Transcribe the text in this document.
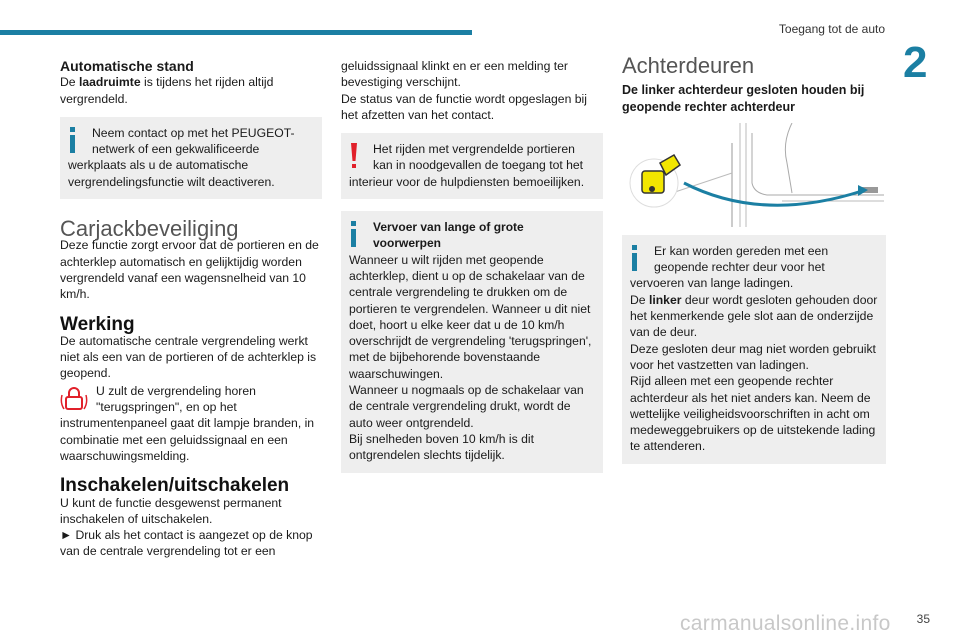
Toegang tot de auto
2

Automatische stand

De laadruimte is tijdens het rijden altijd vergrendeld.

Neem contact op met het PEUGEOT-

netwerk of een gekwalificeerde

werkplaats als u de automatische vergrendelingsfunctie wilt deactiveren.

Carjackbeveiliging

Deze functie zorgt ervoor dat de portieren en de achterklep automatisch en gelijktijdig worden vergrendeld vanaf een wagensnelheid van 10 km/h.

Werking

De automatische centrale vergrendeling werkt niet als een van de portieren of de achterklep is geopend.

U zult de vergrendeling horen

"terugspringen", en op het

instrumentenpaneel gaat dit lampje branden, in combinatie met een geluidssignaal en een waarschuwingsmelding.

Inschakelen/uitschakelen

U kunt de functie desgewenst permanent inschakelen of uitschakelen.

► Druk als het contact is aangezet op de knop van de centrale vergrendeling tot er een

geluidssignaal klinkt en er een melding ter bevestiging verschijnt.

De status van de functie wordt opgeslagen bij het afzetten van het contact.

Het rijden met vergrendelde portieren

kan in noodgevallen de toegang tot het

interieur voor de hulpdiensten bemoeilijken.

Vervoer van lange of grote

voorwerpen

Wanneer u wilt rijden met geopende achterklep, dient u op de schakelaar van de centrale vergrendeling te drukken om de portieren te vergrendelen. Wanneer u dit niet doet, hoort u elke keer dat u de 10 km/h overschrijdt de vergrendeling 'terugspringen', met de bijbehorende bovenstaande waarschuwingen.

Wanneer u nogmaals op de schakelaar van de centrale vergrendeling drukt, wordt de auto weer ontgrendeld.

Bij snelheden boven 10 km/h is dit ontgrendelen slechts tijdelijk.

Achterdeuren

De linker achterdeur gesloten houden bij geopende rechter achterdeur

Er kan worden gereden met een

geopende rechter deur voor het

vervoeren van lange ladingen.

De linker deur wordt gesloten gehouden door het kenmerkende gele slot aan de onderzijde van de deur.

Deze gesloten deur mag niet worden gebruikt voor het vastzetten van ladingen.

Rijd alleen met een geopende rechter achterdeur als het niet anders kan. Neem de wettelijke veiligheidsvoorschriften in acht om medeweggebruikers op de uitstekende lading te attenderen.

carmanualsonline.info 35
